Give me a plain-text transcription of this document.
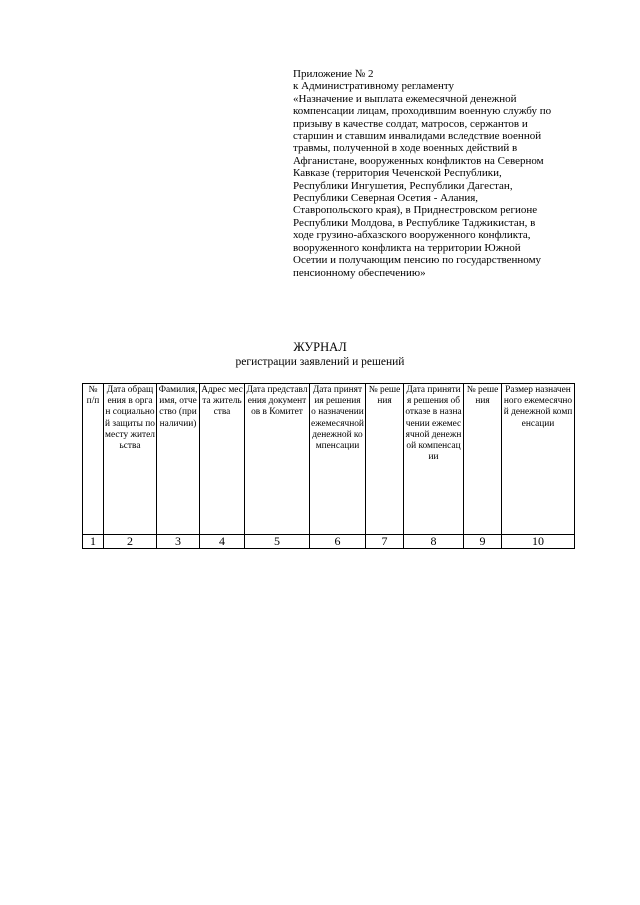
Приложение № 2
к Административному регламенту
«Назначение и выплата ежемесячной денежной
компенсации лицам, проходившим военную службу по
призыву в качестве солдат, матросов, сержантов и
старшин и ставшим инвалидами вследствие военной
травмы, полученной в ходе военных действий в
Афганистане, вооруженных конфликтов на Северном
Кавказе (территория Чеченской Республики,
Республики Ингушетия, Республики Дагестан,
Республики Северная Осетия - Алания,
Ставропольского края), в Приднестровском регионе
Республики Молдова, в Республике Таджикистан, в
ходе грузино-абхазского вооруженного конфликта,
вооруженного конфликта на территории Южной
Осетии и получающим пенсию по государственному
пенсионному обеспечению»
ЖУРНАЛ
регистрации заявлений и решений
№ п/п	Дата обращения в орган социальной защиты по месту жительства	Фамилия, имя, отчество (при наличии)	Адрес места жительства	Дата представления документов в Комитет	Дата принятия решения о назначении ежемесячной денежной компенсации	№ решения	Дата принятия решения об отказе в назначении ежемесячной денежной компенсации	№ решения	Размер назначенного ежемесячной денежной компенсации
1	2	3	4	5	6	7	8	9	10
